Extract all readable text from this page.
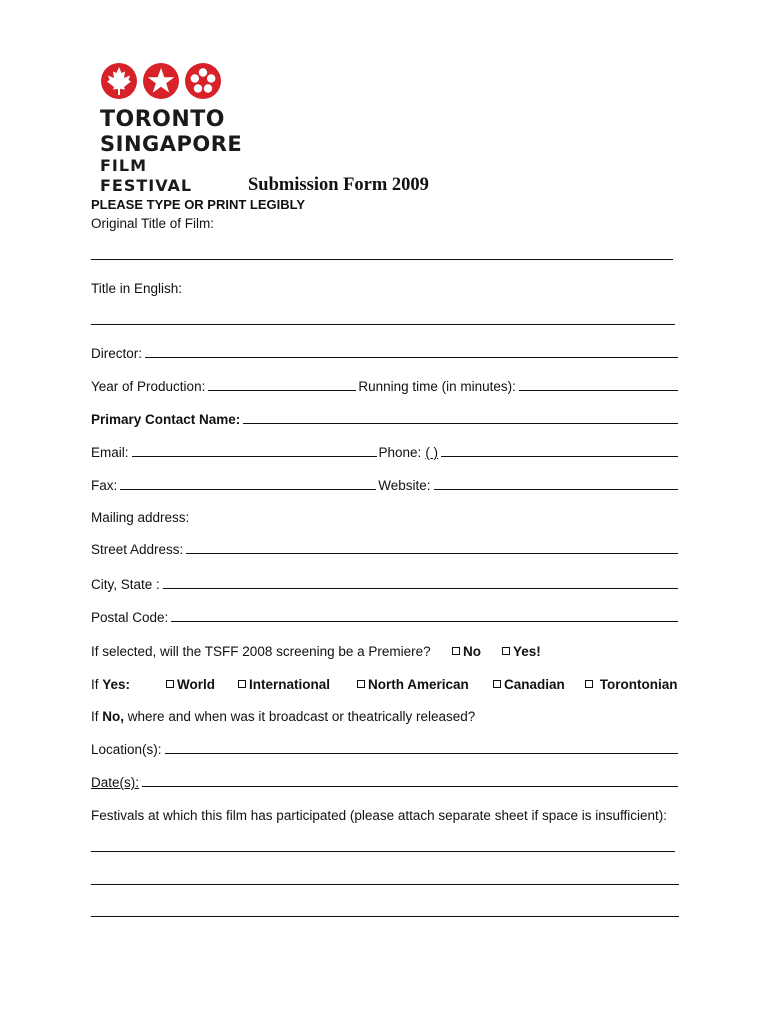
TORONTO
SINGAPORE
FILM FESTIVAL	Submission Form 2009
PLEASE TYPE OR PRINT LEGIBLY
Original Title of Film:
Title in English:
Director:
Year of Production:	Running time (in minutes):
Primary Contact Name:
Email:	Phone: ( )
Fax:	Website:
Mailing address:
Street Address:
City, State :
Postal Code:
If selected, will the TSFF 2008 screening be a Premiere?	No	Yes!
If Yes:	World	International	North American	Canadian	Torontonian
If No, where and when was it broadcast or theatrically released?
Location(s):
Date(s):
Festivals at which this film has participated (please attach separate sheet if space is insufficient):
